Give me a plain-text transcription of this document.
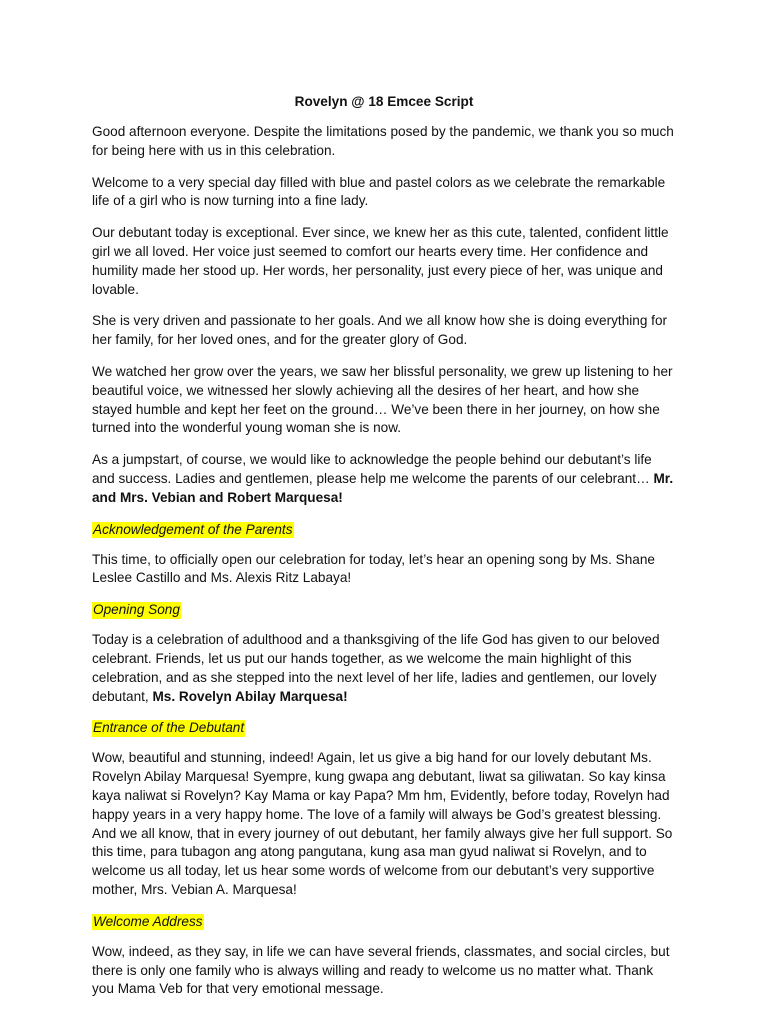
Rovelyn @ 18 Emcee Script

Good afternoon everyone. Despite the limitations posed by the pandemic, we thank you so much for being here with us in this celebration.

Welcome to a very special day filled with blue and pastel colors as we celebrate the remarkable life of a girl who is now turning into a fine lady.

Our debutant today is exceptional. Ever since, we knew her as this cute, talented, confident little girl we all loved. Her voice just seemed to comfort our hearts every time. Her confidence and humility made her stood up. Her words, her personality, just every piece of her, was unique and lovable.

She is very driven and passionate to her goals. And we all know how she is doing everything for her family, for her loved ones, and for the greater glory of God.

We watched her grow over the years, we saw her blissful personality, we grew up listening to her beautiful voice, we witnessed her slowly achieving all the desires of her heart, and how she stayed humble and kept her feet on the ground… We’ve been there in her journey, on how she turned into the wonderful young woman she is now.

As a jumpstart, of course, we would like to acknowledge the people behind our debutant’s life and success. Ladies and gentlemen, please help me welcome the parents of our celebrant… Mr. and Mrs. Vebian and Robert Marquesa!

Acknowledgement of the Parents

This time, to officially open our celebration for today, let’s hear an opening song by Ms. Shane Leslee Castillo and Ms. Alexis Ritz Labaya!

Opening Song

Today is a celebration of adulthood and a thanksgiving of the life God has given to our beloved celebrant. Friends, let us put our hands together, as we welcome the main highlight of this celebration, and as she stepped into the next level of her life, ladies and gentlemen, our lovely debutant, Ms. Rovelyn Abilay Marquesa!

Entrance of the Debutant

Wow, beautiful and stunning, indeed! Again, let us give a big hand for our lovely debutant Ms. Rovelyn Abilay Marquesa! Syempre, kung gwapa ang debutant, liwat sa giliwatan. So kay kinsa kaya naliwat si Rovelyn? Kay Mama or kay Papa? Mm hm, Evidently, before today, Rovelyn had happy years in a very happy home. The love of a family will always be God’s greatest blessing. And we all know, that in every journey of out debutant, her family always give her full support. So this time, para tubagon ang atong pangutana, kung asa man gyud naliwat si Rovelyn, and to welcome us all today, let us hear some words of welcome from our debutant’s very supportive mother, Mrs. Vebian A. Marquesa!

Welcome Address

Wow, indeed, as they say, in life we can have several friends, classmates, and social circles, but there is only one family who is always willing and ready to welcome us no matter what. Thank you Mama Veb for that very emotional message.
